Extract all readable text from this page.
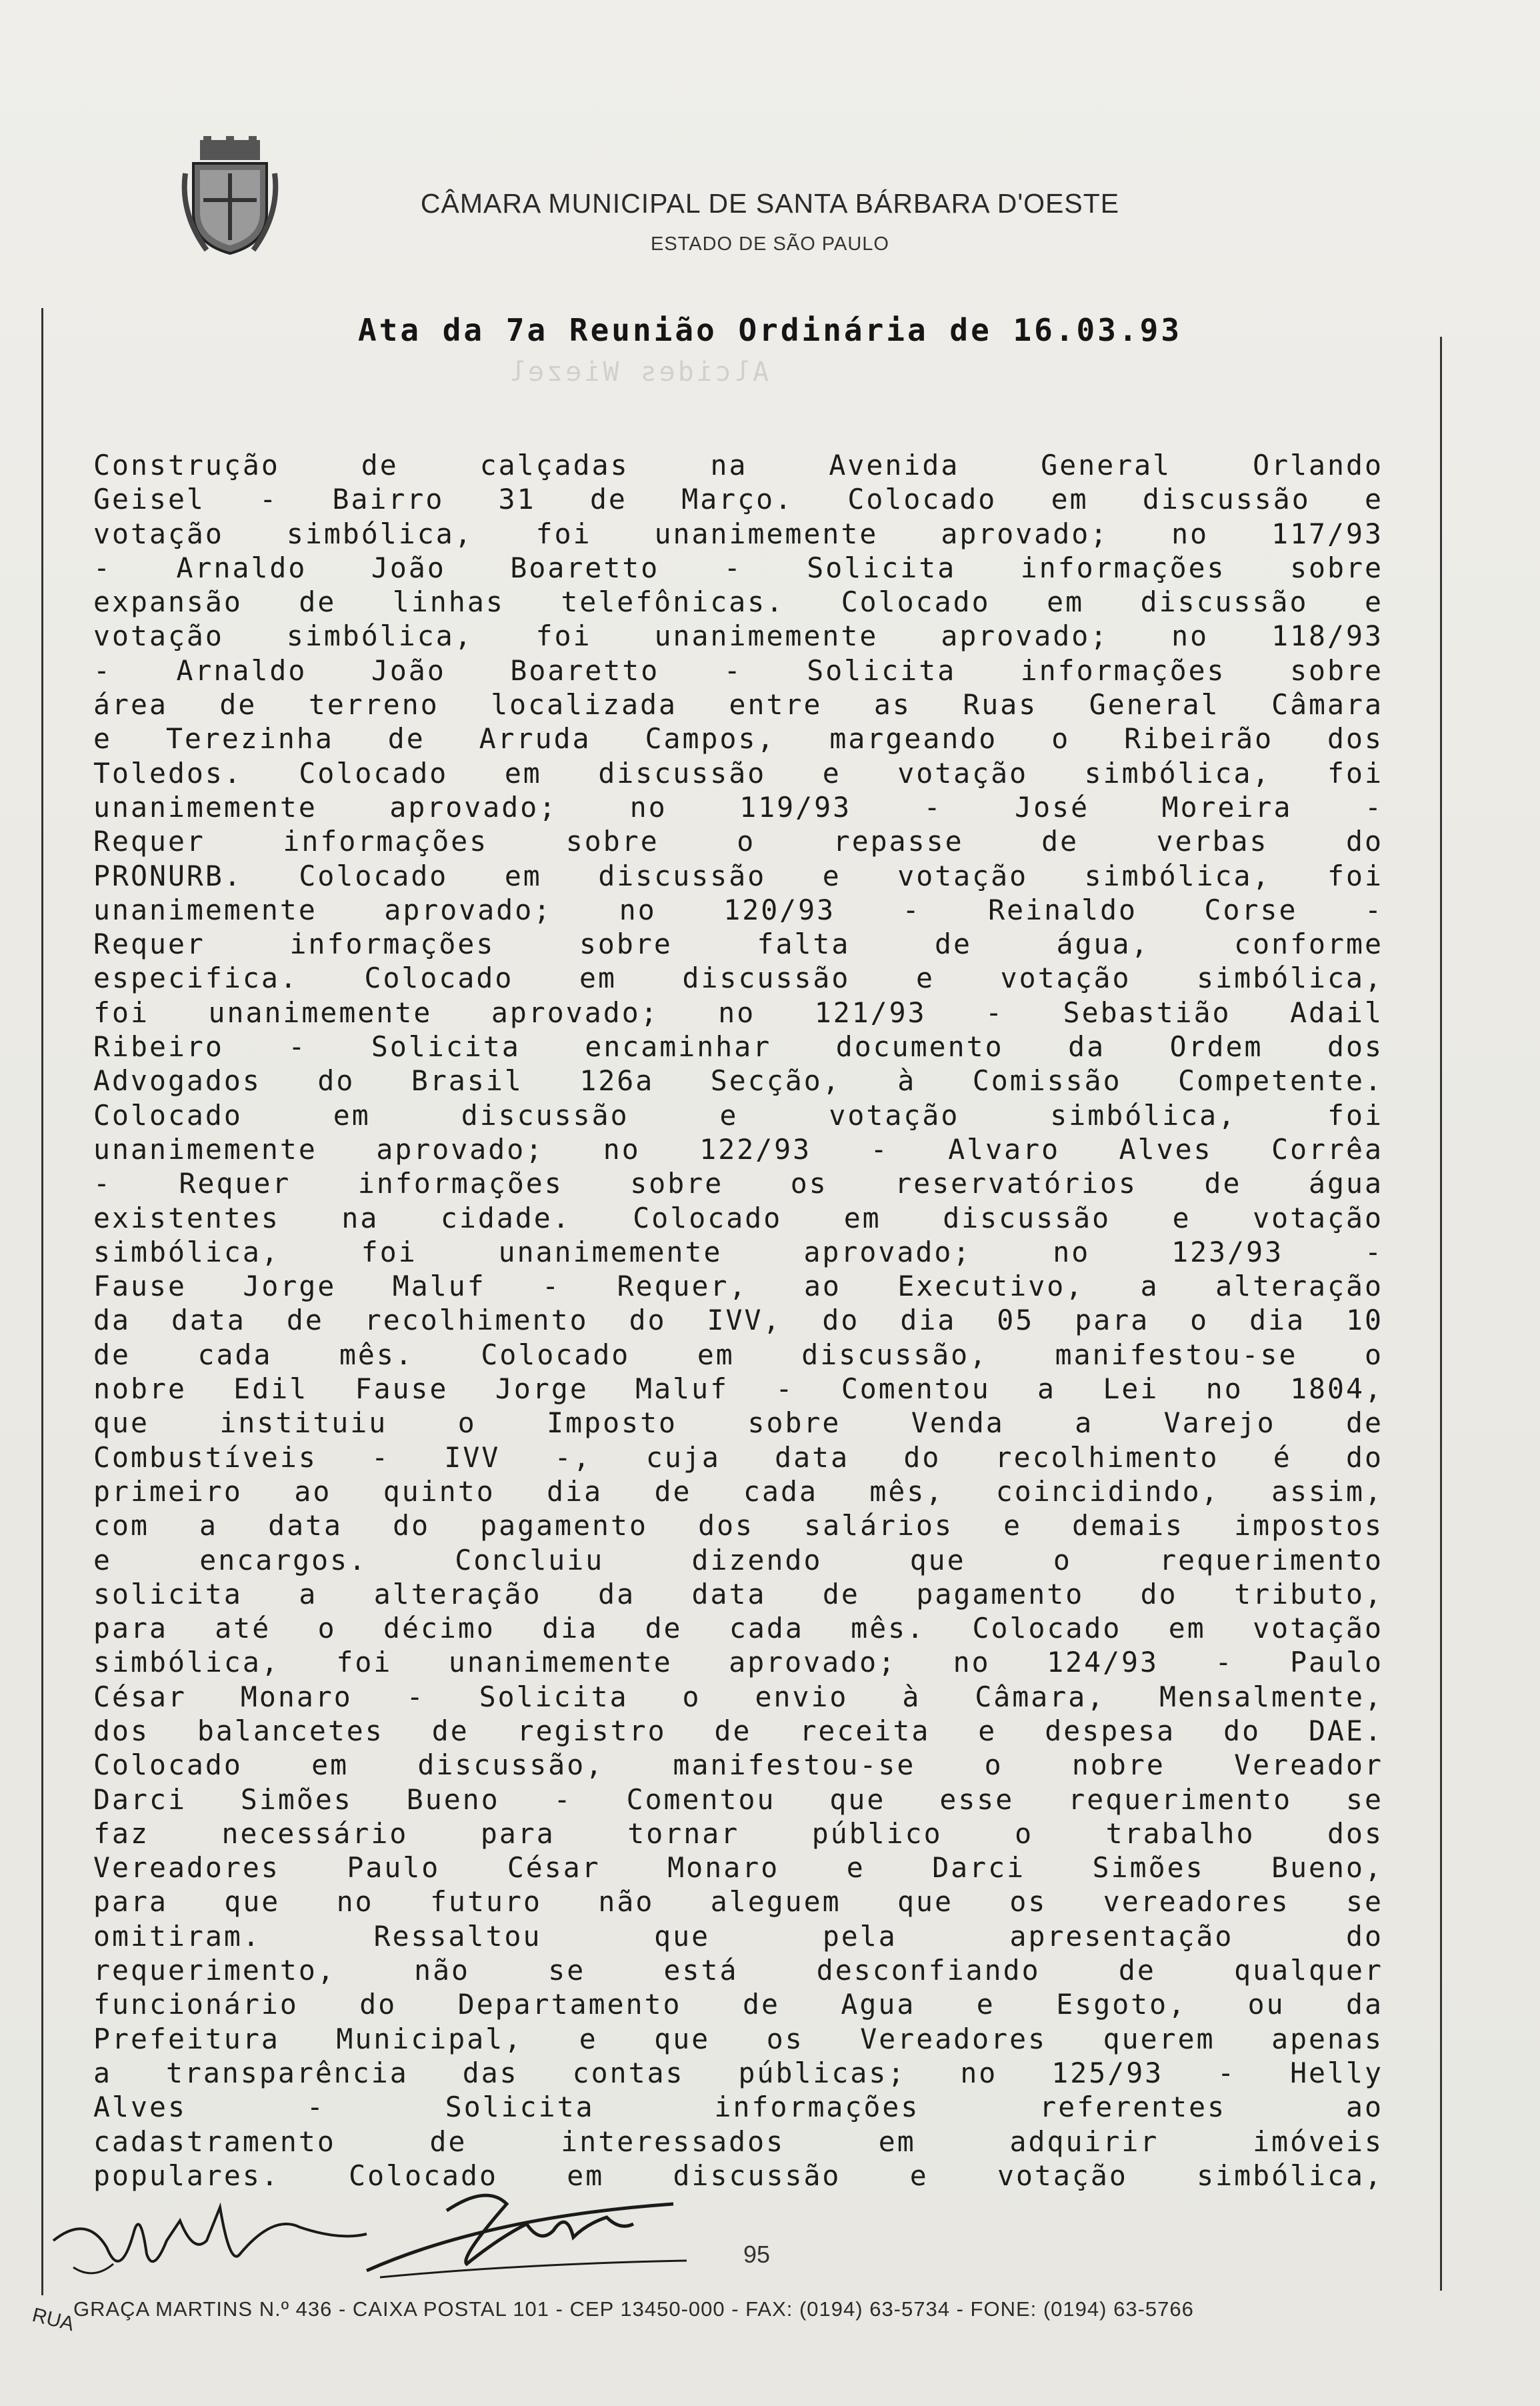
Alcides Wiezel
CÂMARA MUNICIPAL DE SANTA BÁRBARA D'OESTE
ESTADO DE SÃO PAULO
Ata da 7a Reunião Ordinária de 16.03.93
Construção de calçadas na Avenida General Orlando
Geisel - Bairro 31 de Março. Colocado em discussão e
votação simbólica, foi unanimemente aprovado; no 117/93
- Arnaldo João Boaretto - Solicita informações sobre
expansão de linhas telefônicas. Colocado em discussão e
votação simbólica, foi unanimemente aprovado; no 118/93
- Arnaldo João Boaretto - Solicita informações sobre
área de terreno localizada entre as Ruas General Câmara
e Terezinha de Arruda Campos, margeando o Ribeirão dos
Toledos. Colocado em discussão e votação simbólica, foi
unanimemente aprovado; no 119/93 - José Moreira -
Requer informações sobre o repasse de verbas do
PRONURB. Colocado em discussão e votação simbólica, foi
unanimemente aprovado; no 120/93 - Reinaldo Corse -
Requer informações sobre falta de água, conforme
especifica. Colocado em discussão e votação simbólica,
foi unanimemente aprovado; no 121/93 - Sebastião Adail
Ribeiro - Solicita encaminhar documento da Ordem dos
Advogados do Brasil 126a Secção, à Comissão Competente.
Colocado em discussão e votação simbólica, foi
unanimemente aprovado; no 122/93 - Alvaro Alves Corrêa
- Requer informações sobre os reservatórios de água
existentes na cidade. Colocado em discussão e votação
simbólica, foi unanimemente aprovado; no 123/93 -
Fause Jorge Maluf - Requer, ao Executivo, a alteração
da data de recolhimento do IVV, do dia 05 para o dia 10
de cada mês. Colocado em discussão, manifestou-se o
nobre Edil Fause Jorge Maluf - Comentou a Lei no 1804,
que instituiu o Imposto sobre Venda a Varejo de
Combustíveis - IVV -, cuja data do recolhimento é do
primeiro ao quinto dia de cada mês, coincidindo, assim,
com a data do pagamento dos salários e demais impostos
e encargos. Concluiu dizendo que o requerimento
solicita a alteração da data de pagamento do tributo,
para até o décimo dia de cada mês. Colocado em votação
simbólica, foi unanimemente aprovado; no 124/93 - Paulo
César Monaro - Solicita o envio à Câmara, Mensalmente,
dos balancetes de registro de receita e despesa do DAE.
Colocado em discussão, manifestou-se o nobre Vereador
Darci Simões Bueno - Comentou que esse requerimento se
faz necessário para tornar público o trabalho dos
Vereadores Paulo César Monaro e Darci Simões Bueno,
para que no futuro não aleguem que os vereadores se
omitiram. Ressaltou que pela apresentação do
requerimento, não se está desconfiando de qualquer
funcionário do Departamento de Agua e Esgoto, ou da
Prefeitura Municipal, e que os Vereadores querem apenas
a transparência das contas públicas; no 125/93 - Helly
Alves - Solicita informações referentes ao
cadastramento de interessados em adquirir imóveis
populares. Colocado em discussão e votação simbólica,
95
RUA
GRAÇA MARTINS N.º 436 - CAIXA POSTAL 101 - CEP 13450-000 - FAX: (0194) 63-5734 - FONE: (0194) 63-5766
